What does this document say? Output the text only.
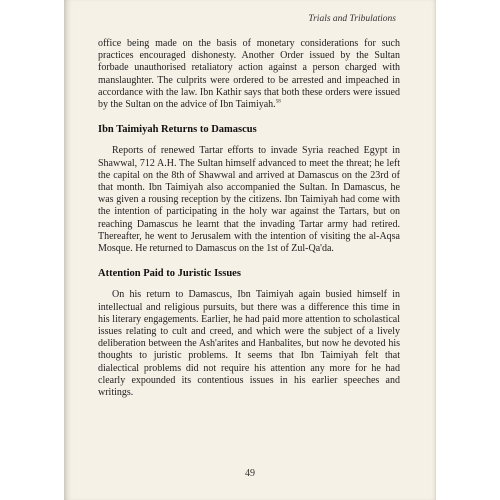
Trials and Tribulations

office being made on the basis of monetary considerations for such practices encouraged dishonesty. Another Order issued by the Sultan forbade unauthorised retaliatory action against a person charged with manslaughter. The culprits were ordered to be arrested and impeached in accordance with the law. Ibn Kathir says that both these orders were issued by the Sultan on the advice of Ibn Taimiyah.$^{58}$

Ibn Taimiyah Returns to Damascus

Reports of renewed Tartar efforts to invade Syria reached Egypt in Shawwal, 712 A.H. The Sultan himself advanced to meet the threat; he left the capital on the 8th of Shawwal and arrived at Damascus on the 23rd of that month. Ibn Taimiyah also accompanied the Sultan. In Damascus, he was given a rousing reception by the citizens. Ibn Taimiyah had come with the intention of participating in the holy war against the Tartars, but on reaching Damascus he learnt that the invading Tartar army had retired. Thereafter, he went to Jerusalem with the intention of visiting the al-Aqsa Mosque. He returned to Damascus on the 1st of Zul-Qa'da.

Attention Paid to Juristic Issues

On his return to Damascus, Ibn Taimiyah again busied himself in intellectual and religious pursuits, but there was a difference this time in his literary engagements. Earlier, he had paid more attention to scholastical issues relating to cult and creed, and which were the subject of a lively deliberation between the Ash'arites and Hanbalites, but now he devoted his thoughts to juristic problems. It seems that Ibn Taimiyah felt that dialectical problems did not require his attention any more for he had clearly expounded its contentious issues in his earlier speeches and writings.

49
